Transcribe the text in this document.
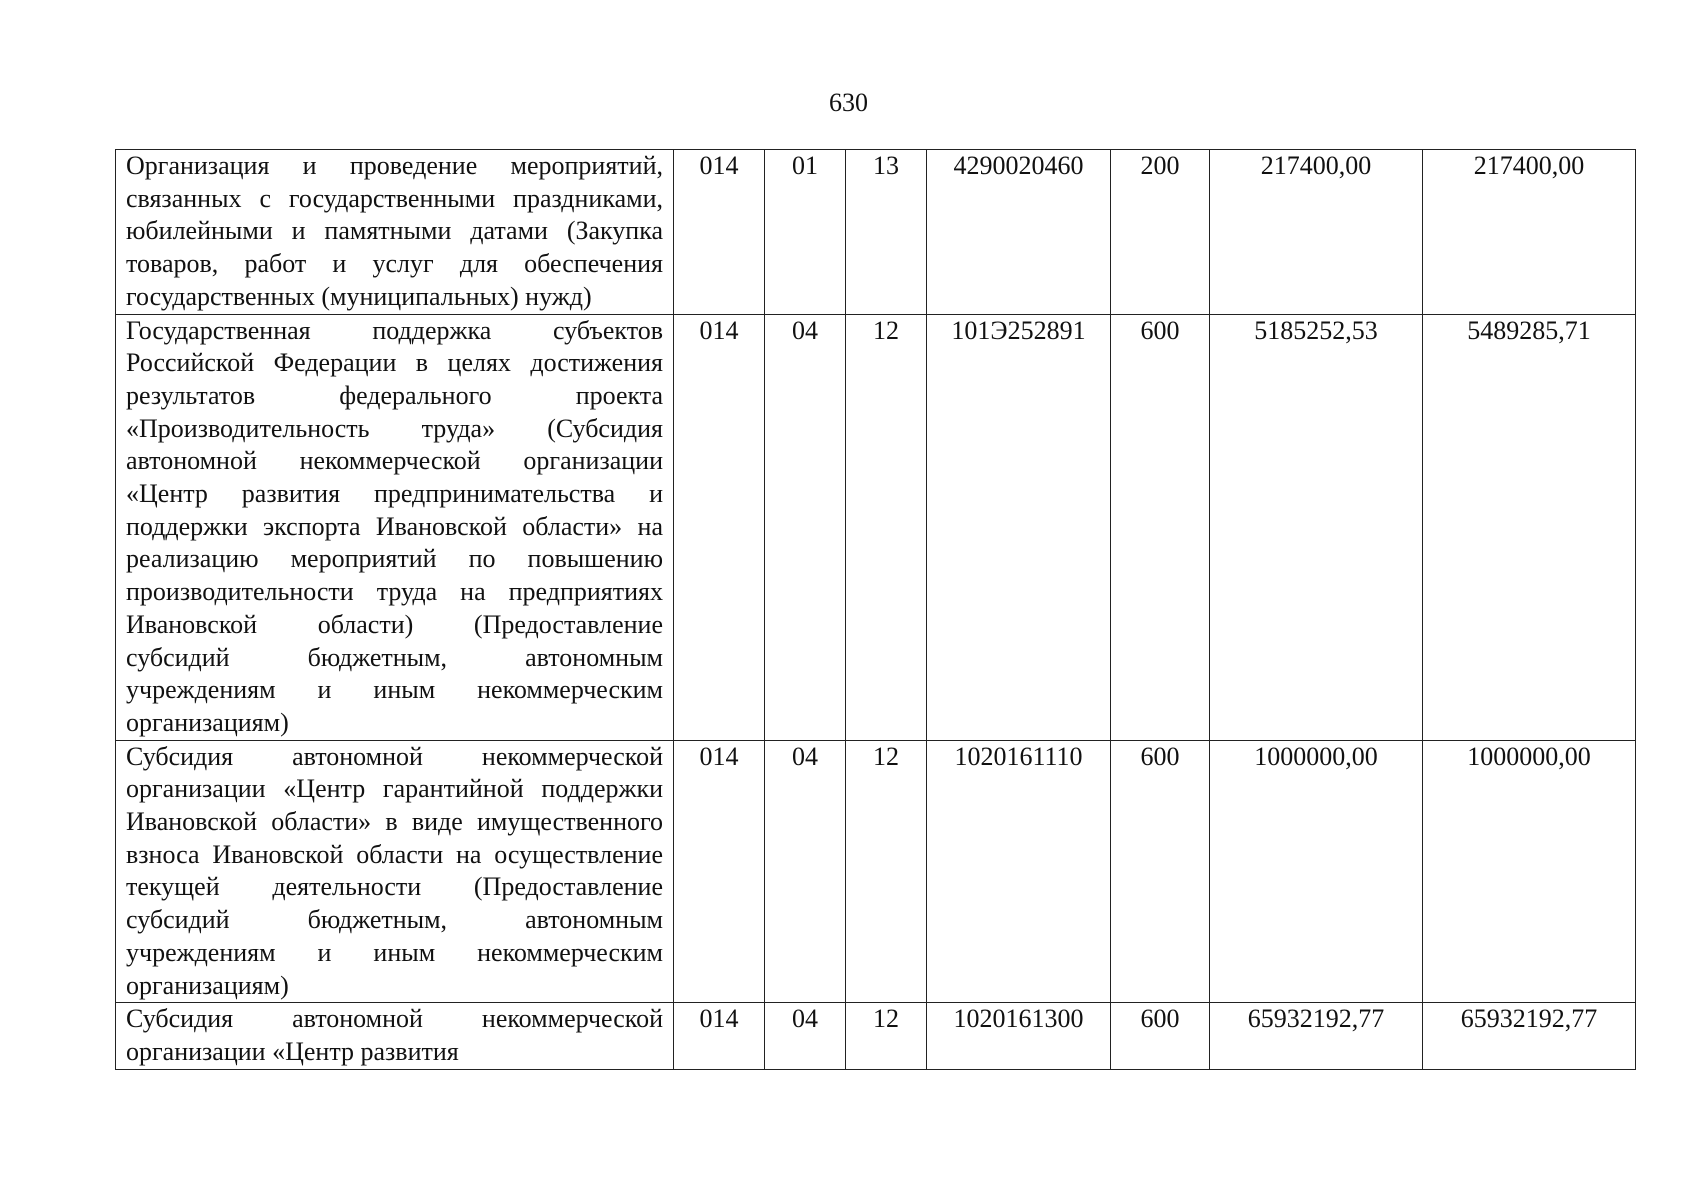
630
Организация и проведение мероприятий, связанных с государственными праздниками, юбилейными и памятными датами (Закупка товаров, работ и услуг для обеспечения государственных (муниципальных) нужд)	014	01	13	4290020460	200	217400,00	217400,00
Государственная поддержка субъектов Российской Федерации в целях достижения результатов федерального проекта «Производительность труда» (Субсидия автономной некоммерческой организации «Центр развития предпринимательства и поддержки экспорта Ивановской области» на реализацию мероприятий по повышению производительности труда на предприятиях Ивановской области) (Предоставление субсидий бюджетным, автономным учреждениям и иным некоммерческим организациям)	014	04	12	101Э252891	600	5185252,53	5489285,71
Субсидия автономной некоммерческой организации «Центр гарантийной поддержки Ивановской области» в виде имущественного взноса Ивановской области на осуществление текущей деятельности (Предоставление субсидий бюджетным, автономным учреждениям и иным некоммерческим организациям)	014	04	12	1020161110	600	1000000,00	1000000,00
Субсидия автономной некоммерческой организации «Центр развития	014	04	12	1020161300	600	65932192,77	65932192,77
